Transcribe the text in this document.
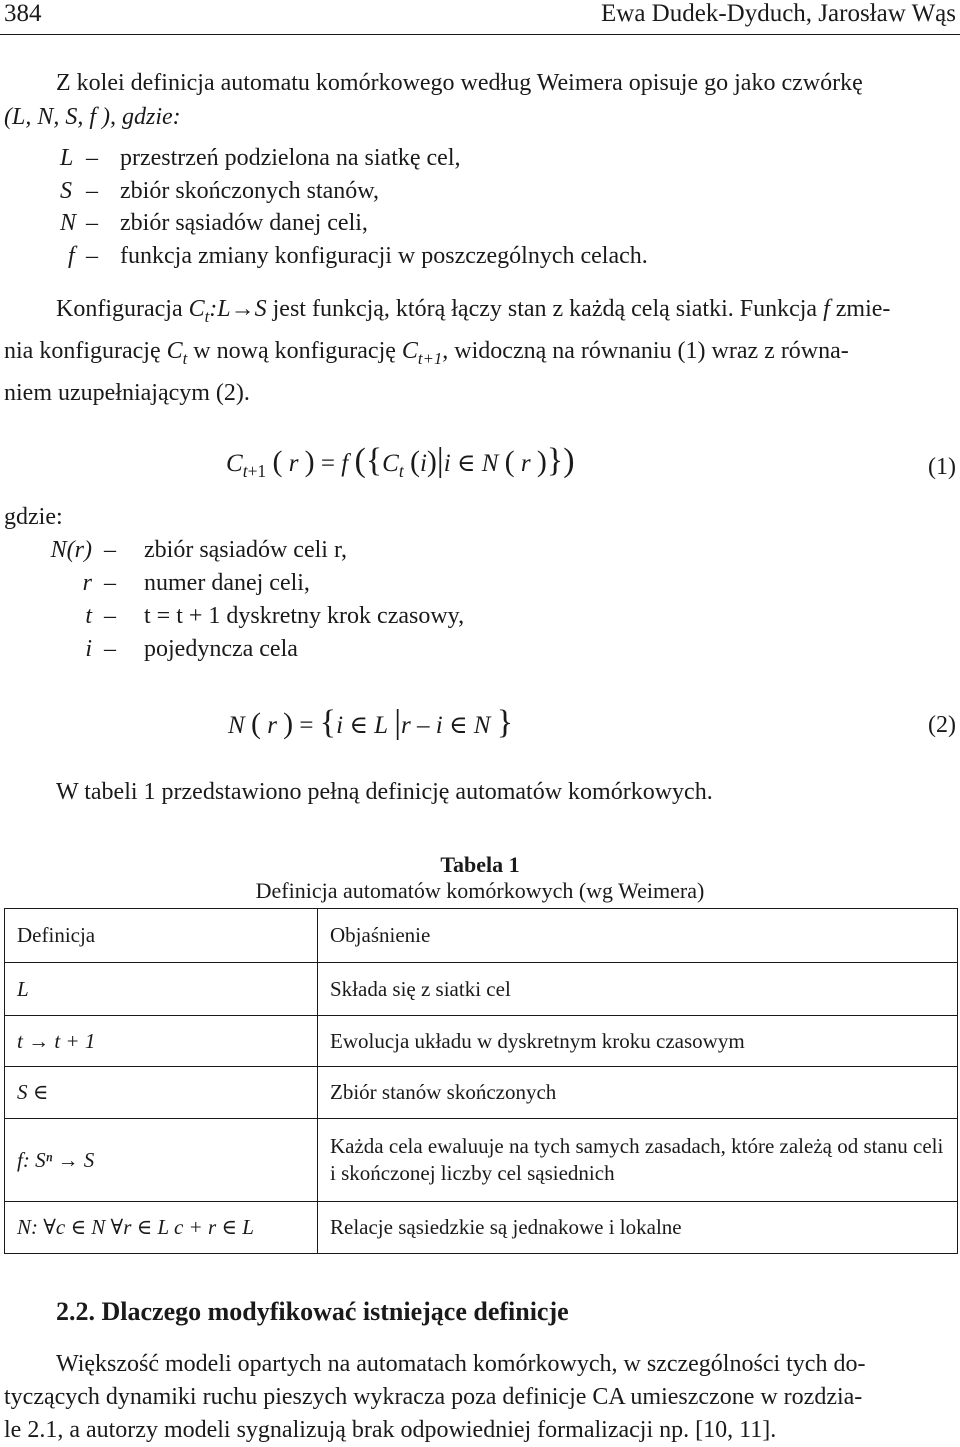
384	Ewa Dudek-Dyduch, Jarosław Wąs
Z kolei definicja automatu komórkowego według Weimera opisuje go jako czwórkę
(L, N, S, f ), gdzie:
L – przestrzeń podzielona na siatkę cel,
S – zbiór skończonych stanów,
N – zbiór sąsiadów danej celi,
f – funkcja zmiany konfiguracji w poszczególnych celach.
Konfiguracja $C_t:L\to S$ jest funkcją, którą łączy stan z każdą celą siatki. Funkcja f zmie-
nia konfigurację $C_t$ w nową konfigurację $C_{t+1}$, widoczną na równaniu (1) wraz z równa-
niem uzupełniającym (2).
$C_{t+1}$ ( r ) = f ({$C_t$ (i)|i ∈ N ( r )})	(1)
gdzie:
N(r) –	zbiór sąsiadów celi r,
r –	numer danej celi,
t –	t = t + 1 dyskretny krok czasowy,
i –	pojedyncza cela
N ( r ) = {i ∈ L |r – i ∈ N }	(2)
W tabeli 1 przedstawiono pełną definicję automatów komórkowych.
Tabela 1
Definicja automatów komórkowych (wg Weimera)
Definicja	Objaśnienie
L	Składa się z siatki cel
t → t + 1	Ewolucja układu w dyskretnym kroku czasowym
S ∈	Zbiór stanów skończonych
f: Sⁿ → S	Każda cela ewaluuje na tych samych zasadach, które zależą od stanu celi i skończonej liczby cel sąsiednich
N: ∀c ∈ N ∀r ∈ L c + r ∈ L	Relacje sąsiedzkie są jednakowe i lokalne
2.2. Dlaczego modyfikować istniejące definicje
Większość modeli opartych na automatach komórkowych, w szczególności tych do-
tyczących dynamiki ruchu pieszych wykracza poza definicje CA umieszczone w rozdzia-
le 2.1, a autorzy modeli sygnalizują brak odpowiedniej formalizacji np. [10, 11].
